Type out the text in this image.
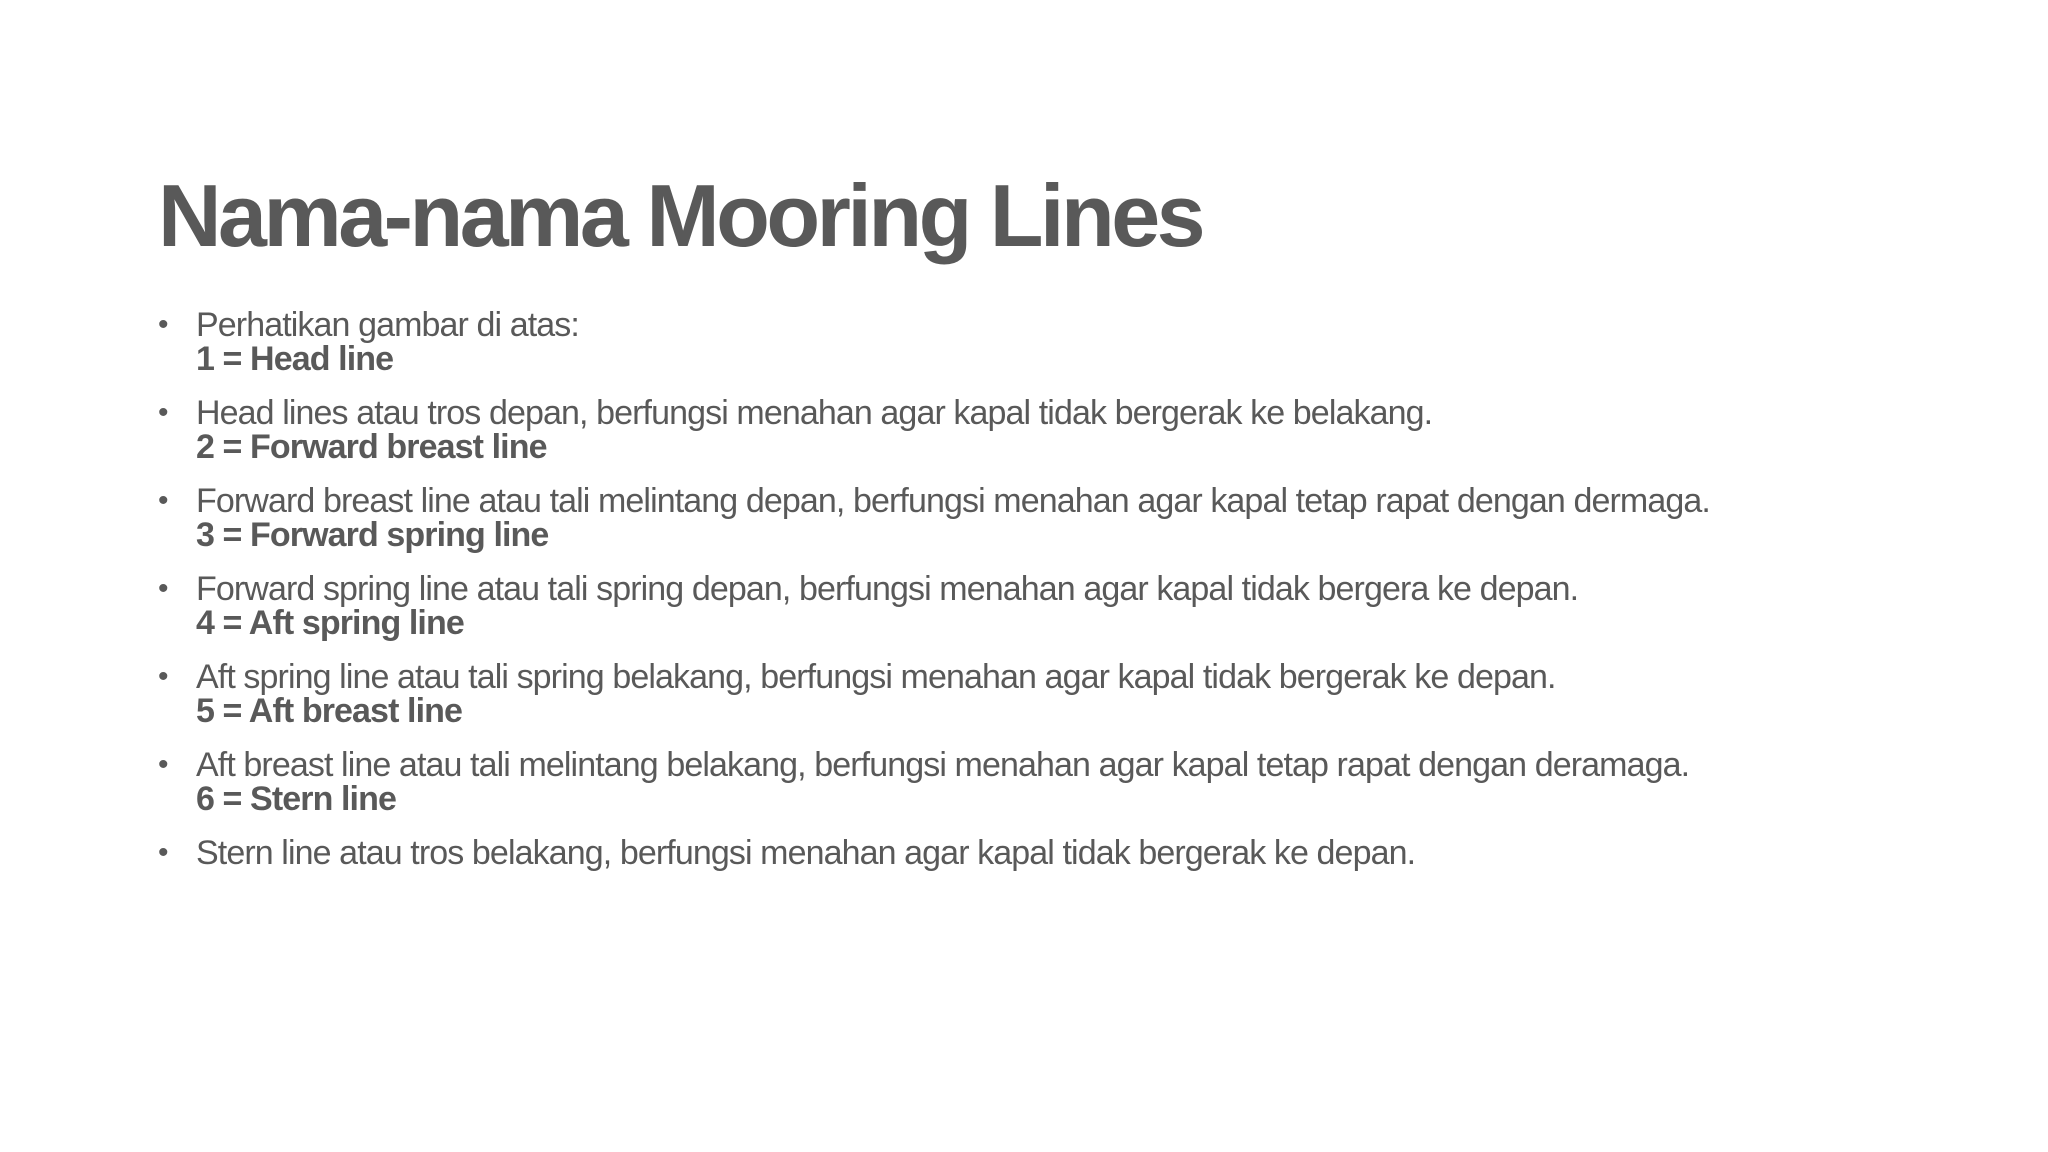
Nama-nama Mooring Lines
• Perhatikan gambar di atas:
1 = Head line
• Head lines atau tros depan, berfungsi menahan agar kapal tidak bergerak ke belakang.
2 = Forward breast line
• Forward breast line atau tali melintang depan, berfungsi menahan agar kapal tetap rapat dengan dermaga.
3 = Forward spring line
• Forward spring line atau tali spring depan, berfungsi menahan agar kapal tidak bergera ke depan.
4 = Aft spring line
• Aft spring line atau tali spring belakang, berfungsi menahan agar kapal tidak bergerak ke depan.
5 = Aft breast line
• Aft breast line atau tali melintang belakang, berfungsi menahan agar kapal tetap rapat dengan deramaga.
6 = Stern line
• Stern line atau tros belakang, berfungsi menahan agar kapal tidak bergerak ke depan.
